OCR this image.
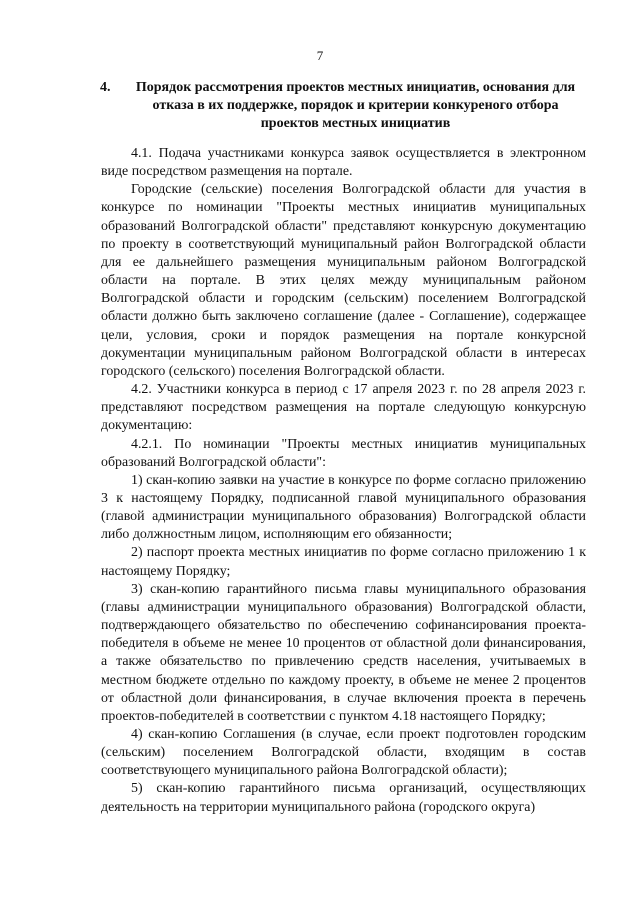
7
4.	Порядок рассмотрения проектов местных инициатив, основания для отказа в их поддержке, порядок и критерии конкуреного отбора проектов местных инициатив

4.1. Подача участниками конкурса заявок осуществляется в электронном виде посредством размещения на портале.

Городские (сельские) поселения Волгоградской области для участия в конкурсе по номинации "Проекты местных инициатив муниципальных образований Волгоградской области" представляют конкурсную документацию по проекту в соответствующий муниципальный район Волгоградской области для ее дальнейшего размещения муниципальным районом Волгоградской области на портале. В этих целях между муниципальным районом Волгоградской области и городским (сельским) поселением Волгоградской области должно быть заключено соглашение (далее - Соглашение), содержащее цели, условия, сроки и порядок размещения на портале конкурсной документации муниципальным районом Волгоградской области в интересах городского (сельского) поселения Волгоградской области.

4.2. Участники конкурса в период с 17 апреля 2023 г. по 28 апреля 2023 г. представляют посредством размещения на портале следующую конкурсную документацию:

4.2.1. По номинации "Проекты местных инициатив муниципальных образований Волгоградской области":

1) скан-копию заявки на участие в конкурсе по форме согласно приложению 3 к настоящему Порядку, подписанной главой муниципального образования (главой администрации муниципального образования) Волгоградской области либо должностным лицом, исполняющим его обязанности;

2) паспорт проекта местных инициатив по форме согласно приложению 1 к настоящему Порядку;

3) скан-копию гарантийного письма главы муниципального образования (главы администрации муниципального образования) Волгоградской области, подтверждающего обязательство по обеспечению софинансирования проекта-победителя в объеме не менее 10 процентов от областной доли финансирования, а также обязательство по привлечению средств населения, учитываемых в местном бюджете отдельно по каждому проекту, в объеме не менее 2 процентов от областной доли финансирования, в случае включения проекта в перечень проектов-победителей в соответствии с пунктом 4.18 настоящего Порядку;

4) скан-копию Соглашения (в случае, если проект подготовлен городским (сельским) поселением Волгоградской области, входящим в состав соответствующего муниципального района Волгоградской области);

5) скан-копию гарантийного письма организаций, осуществляющих деятельность на территории муниципального района (городского округа)
